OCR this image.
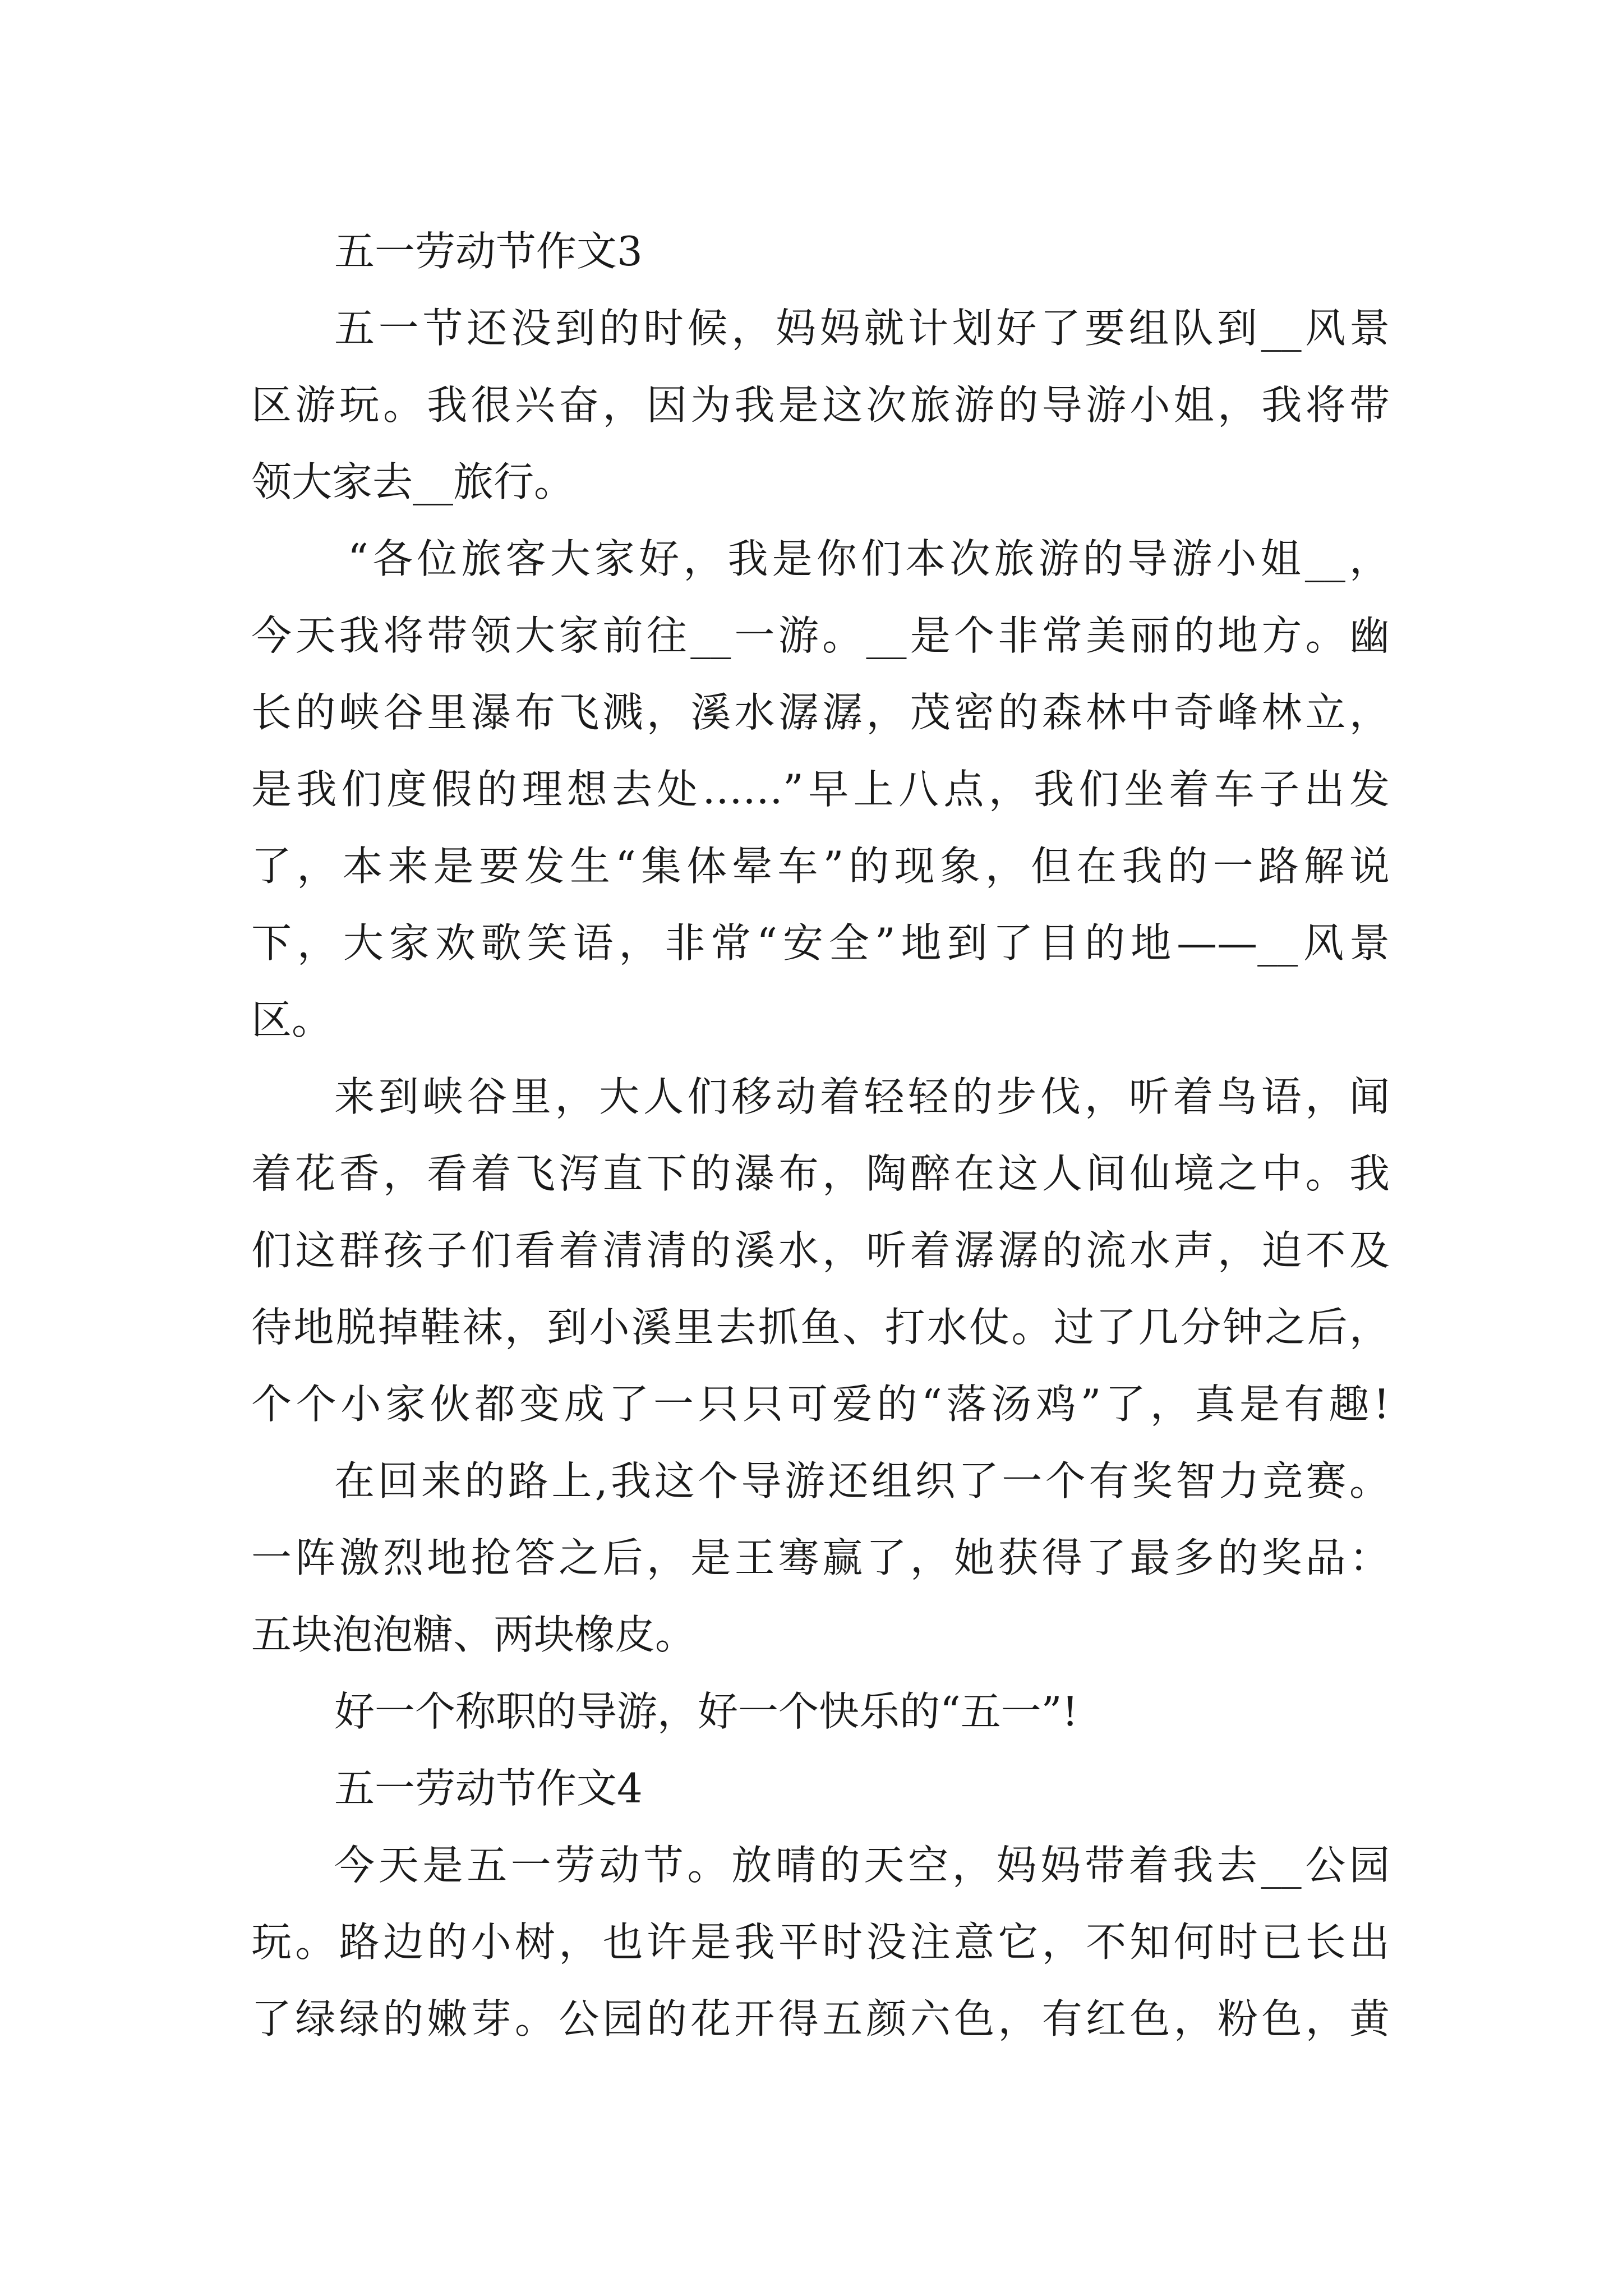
五一劳动节作文3
五一节还没到的时候，妈妈就计划好了要组队到__风景
区游玩。我很兴奋，因为我是这次旅游的导游小姐，我将带
领大家去__旅行。
“各位旅客大家好，我是你们本次旅游的导游小姐__，
今天我将带领大家前往__一游。__是个非常美丽的地方。幽
长的峡谷里瀑布飞溅，溪水潺潺，茂密的森林中奇峰林立，
是我们度假的理想去处……”早上八点，我们坐着车子出发
了，本来是要发生“集体晕车”的现象，但在我的一路解说
下，大家欢歌笑语，非常“安全”地到了目的地——__风景
区。
来到峡谷里，大人们移动着轻轻的步伐，听着鸟语，闻
着花香，看着飞泻直下的瀑布，陶醉在这人间仙境之中。我
们这群孩子们看着清清的溪水，听着潺潺的流水声，迫不及
待地脱掉鞋袜，到小溪里去抓鱼、打水仗。过了几分钟之后，
个个小家伙都变成了一只只可爱的“落汤鸡”了，真是有趣!
在回来的路上,我这个导游还组织了一个有奖智力竞赛。
一阵激烈地抢答之后，是王骞赢了，她获得了最多的奖品：
五块泡泡糖、两块橡皮。
好一个称职的导游，好一个快乐的“五一”!
五一劳动节作文4
今天是五一劳动节。放晴的天空，妈妈带着我去__公园
玩。路边的小树，也许是我平时没注意它，不知何时已长出
了绿绿的嫩芽。公园的花开得五颜六色，有红色，粉色，黄
